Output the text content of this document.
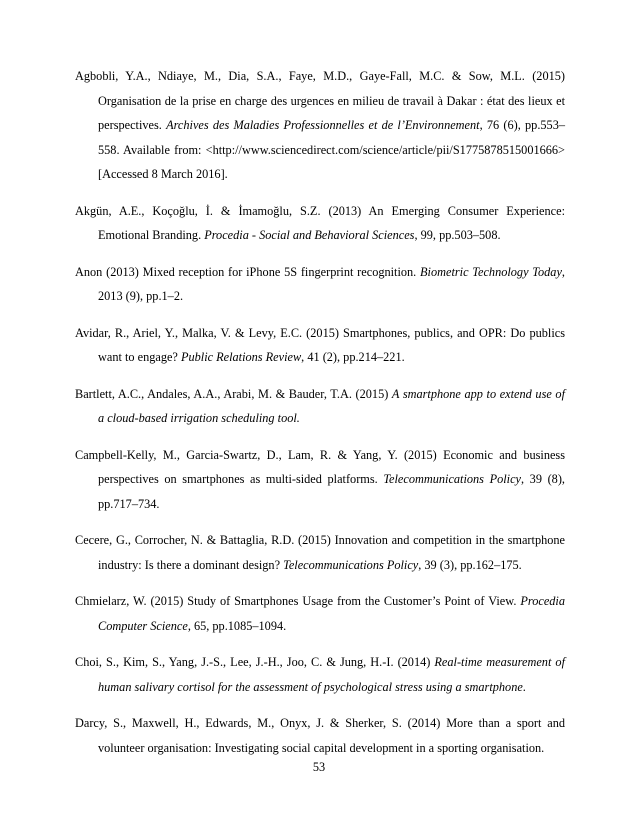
Agbobli, Y.A., Ndiaye, M., Dia, S.A., Faye, M.D., Gaye-Fall, M.C. & Sow, M.L. (2015) Organisation de la prise en charge des urgences en milieu de travail à Dakar : état des lieux et perspectives. Archives des Maladies Professionnelles et de l’Environnement, 76 (6), pp.553–558. Available from: <http://www.sciencedirect.com/science/article/pii/S1775878515001666> [Accessed 8 March 2016].
Akgün, A.E., Koçoğlu, İ. & İmamoğlu, S.Z. (2013) An Emerging Consumer Experience: Emotional Branding. Procedia - Social and Behavioral Sciences, 99, pp.503–508.
Anon (2013) Mixed reception for iPhone 5S fingerprint recognition. Biometric Technology Today, 2013 (9), pp.1–2.
Avidar, R., Ariel, Y., Malka, V. & Levy, E.C. (2015) Smartphones, publics, and OPR: Do publics want to engage? Public Relations Review, 41 (2), pp.214–221.
Bartlett, A.C., Andales, A.A., Arabi, M. & Bauder, T.A. (2015) A smartphone app to extend use of a cloud-based irrigation scheduling tool.
Campbell-Kelly, M., Garcia-Swartz, D., Lam, R. & Yang, Y. (2015) Economic and business perspectives on smartphones as multi-sided platforms. Telecommunications Policy, 39 (8), pp.717–734.
Cecere, G., Corrocher, N. & Battaglia, R.D. (2015) Innovation and competition in the smartphone industry: Is there a dominant design? Telecommunications Policy, 39 (3), pp.162–175.
Chmielarz, W. (2015) Study of Smartphones Usage from the Customer’s Point of View. Procedia Computer Science, 65, pp.1085–1094.
Choi, S., Kim, S., Yang, J.-S., Lee, J.-H., Joo, C. & Jung, H.-I. (2014) Real-time measurement of human salivary cortisol for the assessment of psychological stress using a smartphone.
Darcy, S., Maxwell, H., Edwards, M., Onyx, J. & Sherker, S. (2014) More than a sport and volunteer organisation: Investigating social capital development in a sporting organisation.
53
